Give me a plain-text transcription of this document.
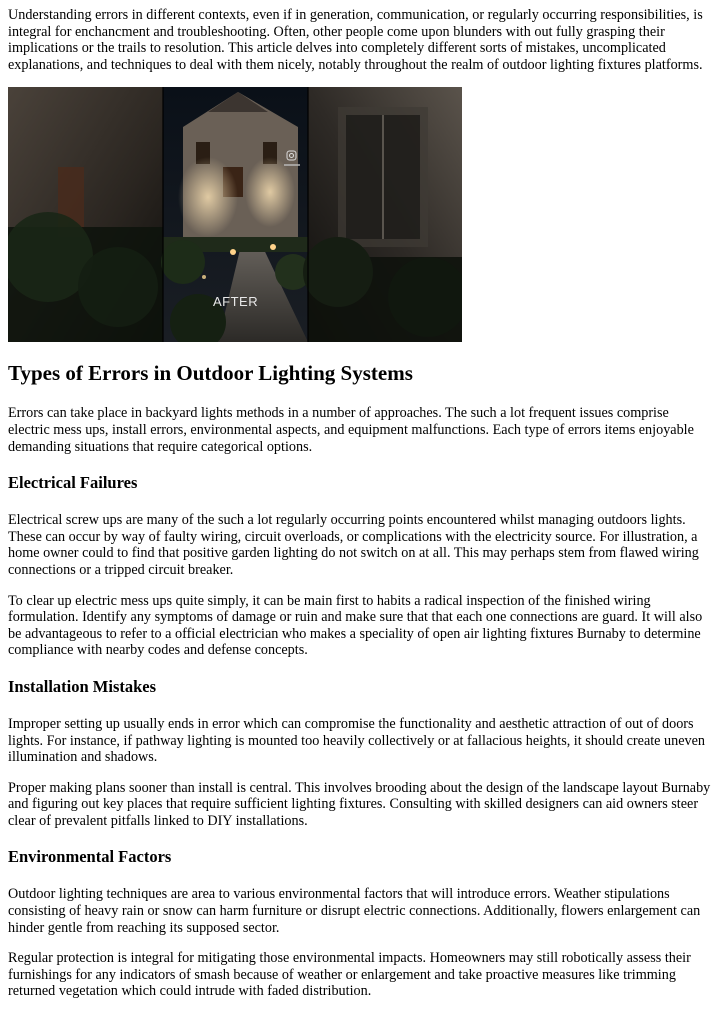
Understanding errors in different contexts, even if in generation, communication, or regularly occurring responsibilities, is integral for enchancment and troubleshooting. Often, other people come upon blunders with out fully grasping their implications or the trails to resolution. This article delves into completely different sorts of mistakes, uncomplicated explanations, and techniques to deal with them nicely, notably throughout the realm of outdoor lighting fixtures platforms.

AFTER
Types of Errors in Outdoor Lighting Systems

Errors can take place in backyard lights methods in a number of approaches. The such a lot frequent issues comprise electric mess ups, install errors, environmental aspects, and equipment malfunctions. Each type of errors items enjoyable demanding situations that require categorical options.

Electrical Failures

Electrical screw ups are many of the such a lot regularly occurring points encountered whilst managing outdoors lights. These can occur by way of faulty wiring, circuit overloads, or complications with the electricity source. For illustration, a home owner could to find that positive garden lighting do not switch on at all. This may perhaps stem from flawed wiring connections or a tripped circuit breaker.

To clear up electric mess ups quite simply, it can be main first to habits a radical inspection of the finished wiring formulation. Identify any symptoms of damage or ruin and make sure that that each one connections are guard. It will also be advantageous to refer to a official electrician who makes a speciality of open air lighting fixtures Burnaby to determine compliance with nearby codes and defense concepts.

Installation Mistakes

Improper setting up usually ends in error which can compromise the functionality and aesthetic attraction of out of doors lights. For instance, if pathway lighting is mounted too heavily collectively or at fallacious heights, it should create uneven illumination and shadows.

Proper making plans sooner than install is central. This involves brooding about the design of the landscape layout Burnaby and figuring out key places that require sufficient lighting fixtures. Consulting with skilled designers can aid owners steer clear of prevalent pitfalls linked to DIY installations.

Environmental Factors

Outdoor lighting techniques are area to various environmental factors that will introduce errors. Weather stipulations consisting of heavy rain or snow can harm furniture or disrupt electric connections. Additionally, flowers enlargement can hinder gentle from reaching its supposed sector.

Regular protection is integral for mitigating those environmental impacts. Homeowners may still robotically assess their furnishings for any indicators of smash because of weather or enlargement and take proactive measures like trimming returned vegetation which could intrude with faded distribution.
